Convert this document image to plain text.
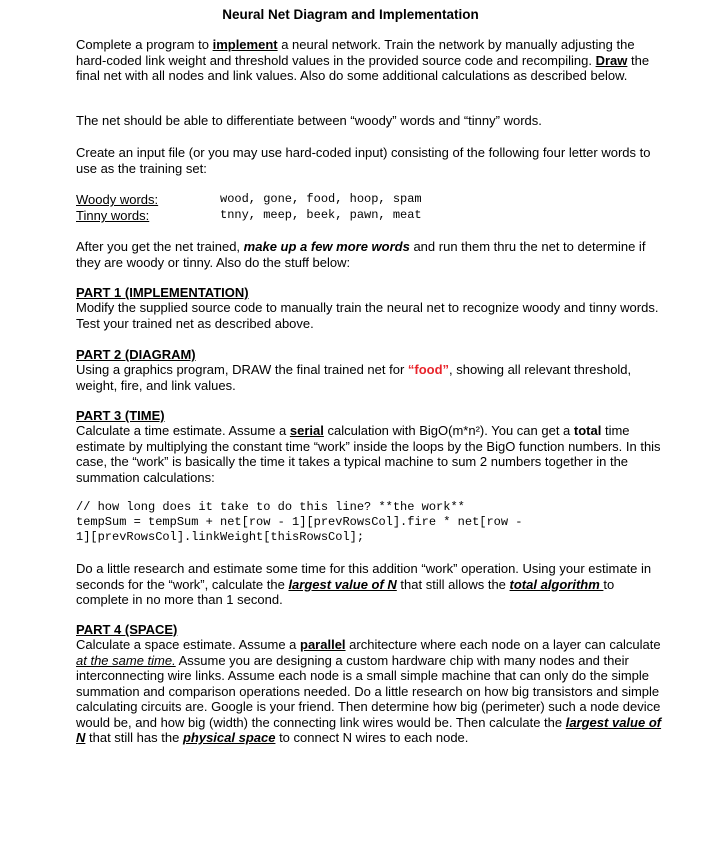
Neural Net Diagram and Implementation

Complete a program to implement a neural network. Train the network by manually adjusting the hard-coded link weight and threshold values in the provided source code and recompiling. Draw the final net with all nodes and link values. Also do some additional calculations as described below.

The net should be able to differentiate between “woody” words and “tinny” words.

Create an input file (or you may use hard-coded input) consisting of the following four letter words to use as the training set:

Woody words:	wood, gone, food, hoop, spam
Tinny words:	tnny, meep, beek, pawn, meat

After you get the net trained, make up a few more words and run them thru the net to determine if they are woody or tinny. Also do the stuff below:

PART 1 (IMPLEMENTATION)

Modify the supplied source code to manually train the neural net to recognize woody and tinny words. Test your trained net as described above.

PART 2 (DIAGRAM)

Using a graphics program, DRAW the final trained net for “food”, showing all relevant threshold, weight, fire, and link values.

PART 3 (TIME)

Calculate a time estimate. Assume a serial calculation with BigO(m*n²). You can get a total time estimate by multiplying the constant time “work” inside the loops by the BigO function numbers. In this case, the “work” is basically the time it takes a typical machine to sum 2 numbers together in the summation calculations:

// how long does it take to do this line? **the work**
tempSum = tempSum + net[row - 1][prevRowsCol].fire * net[row -
1][prevRowsCol].linkWeight[thisRowsCol];

Do a little research and estimate some time for this addition “work” operation. Using your estimate in seconds for the “work”, calculate the largest value of N that still allows the total algorithm to complete in no more than 1 second.

PART 4 (SPACE)

Calculate a space estimate. Assume a parallel architecture where each node on a layer can calculate at the same time. Assume you are designing a custom hardware chip with many nodes and their interconnecting wire links. Assume each node is a small simple machine that can only do the simple summation and comparison operations needed. Do a little research on how big transistors and simple calculating circuits are. Google is your friend. Then determine how big (perimeter) such a node device would be, and how big (width) the connecting link wires would be. Then calculate the largest value of N that still has the physical space to connect N wires to each node.
